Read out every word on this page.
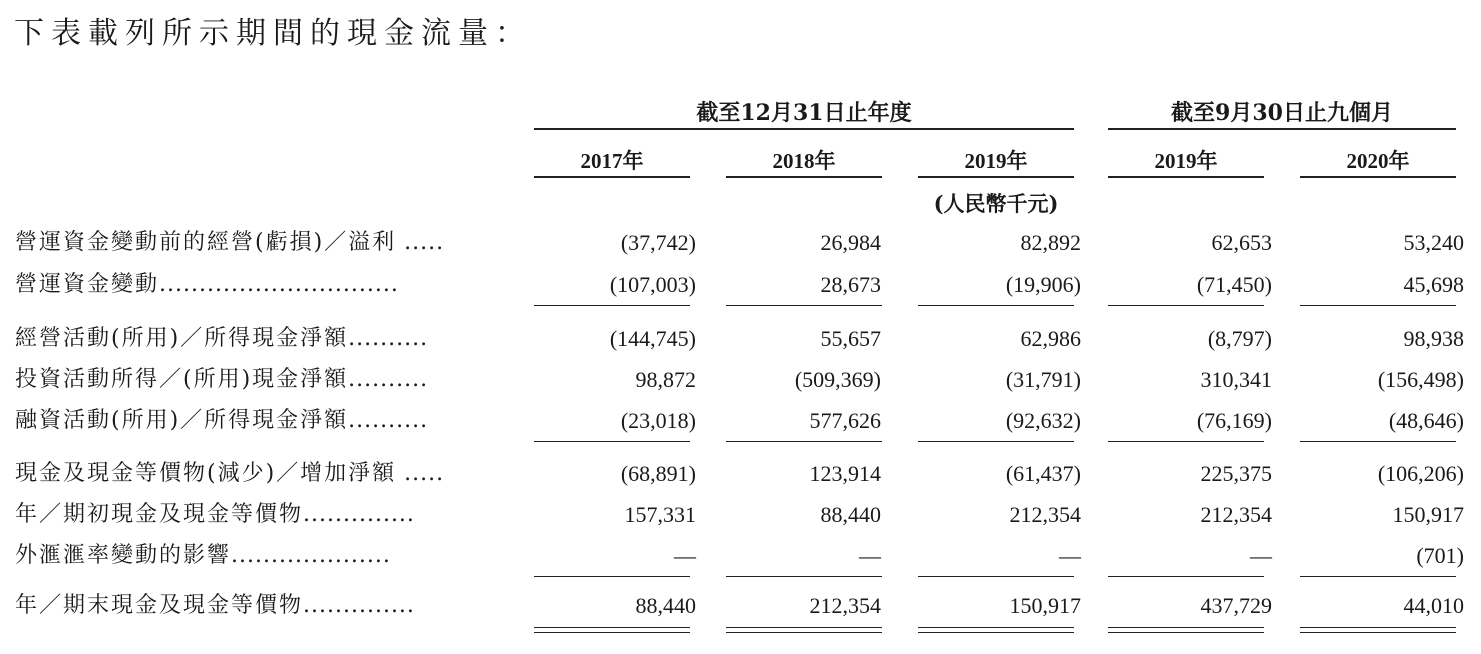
下表載列所示期間的現金流量：
截至12月31日止年度	截至9月30日止九個月
2017年	2018年	2019年	2019年	2020年
(人民幣千元)
營運資金變動前的經營(虧損)／溢利 .....	(37,742)	26,984	82,892	62,653	53,240
營運資金變動..............................	(107,003)	28,673	(19,906)	(71,450)	45,698
經營活動(所用)／所得現金淨額..........	(144,745)	55,657	62,986	(8,797)	98,938
投資活動所得／(所用)現金淨額..........	98,872	(509,369)	(31,791)	310,341	(156,498)
融資活動(所用)／所得現金淨額..........	(23,018)	577,626	(92,632)	(76,169)	(48,646)
現金及現金等價物(減少)／增加淨額 .....	(68,891)	123,914	(61,437)	225,375	(106,206)
年／期初現金及現金等價物..............	157,331	88,440	212,354	212,354	150,917
外滙滙率變動的影響....................	—	—	—	—	(701)
年／期末現金及現金等價物..............	88,440	212,354	150,917	437,729	44,010
